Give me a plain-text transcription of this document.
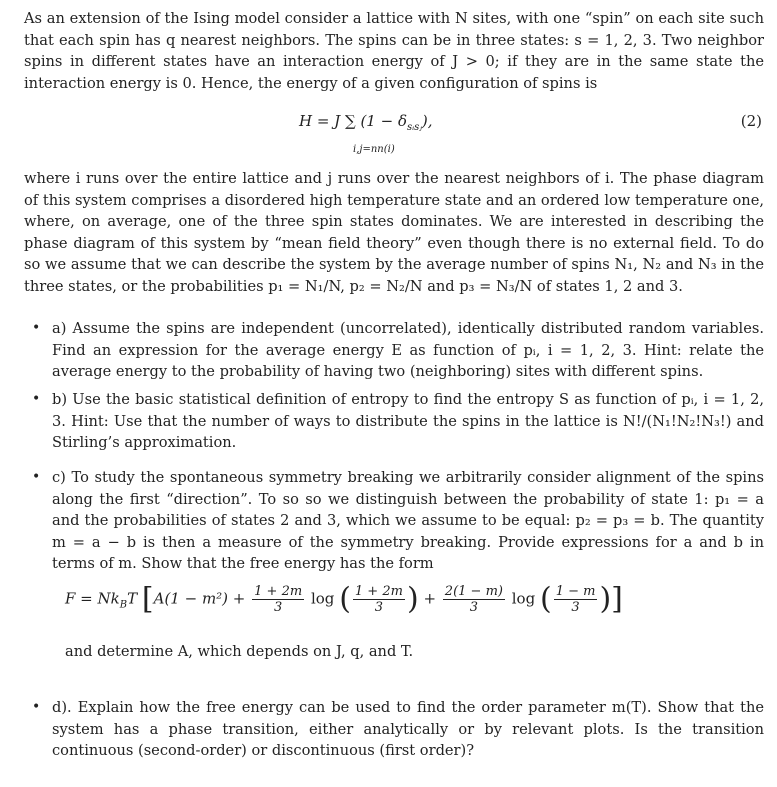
As an extension of the Ising model consider a lattice with N sites, with one “spin” on each site such that each spin has q nearest neighbors. The spins can be in three states: s = 1, 2, 3. Two neighbor spins in different states have an interaction energy of J > 0; if they are in the same state the interaction energy is 0. Hence, the energy of a given configuration of spins is
H = J ∑ $(1 - \delta_{sᵢsⱼ})$,
i,j=nn(i)
(2)
where i runs over the entire lattice and j runs over the nearest neighbors of i. The phase diagram of this system comprises a disordered high temperature state and an ordered low temperature one, where, on average, one of the three spin states dominates. We are interested in describing the phase diagram of this system by “mean field theory” even though there is no external field. To do so we assume that we can describe the system by the average number of spins N₁, N₂ and N₃ in the three states, or the probabilities p₁ = N₁/N, p₂ = N₂/N and p₃ = N₃/N of states 1, 2 and 3.
• a) Assume the spins are independent (uncorrelated), identically distributed random variables. Find an expression for the average energy E as function of pᵢ, i = 1, 2, 3. Hint: relate the average energy to the probability of having two (neighboring) sites with different spins.

• b) Use the basic statistical definition of entropy to find the entropy S as function of pᵢ, i = 1, 2, 3. Hint: Use that the number of ways to distribute the spins in the lattice is N!/(N₁!N₂!N₃!) and Stirling’s approximation.

• c) To study the spontaneous symmetry breaking we arbitrarily consider alignment of the spins along the first “direction”. To so so we distinguish between the probability of state 1: p₁ = a and the probabilities of states 2 and 3, which we assume to be equal: p₂ = p₃ = b. The quantity m = a − b is then a measure of the symmetry breaking. Provide expressions for a and b in terms of m. Show that the free energy has the form

$F = Nk_BT$ [$A(1 - m^2) + \frac{1 + 2m}{3}$ log ( $\frac{1 + 2m}{3}$ ) + $\frac{2(1 - m)}{3}$ log ( $\frac{1 - m}{3}$ )]
and determine A, which depends on J, q, and T.
• d). Explain how the free energy can be used to find the order parameter m(T). Show that the system has a phase transition, either analytically or by relevant plots. Is the transition continuous (second-order) or discontinuous (first order)?
